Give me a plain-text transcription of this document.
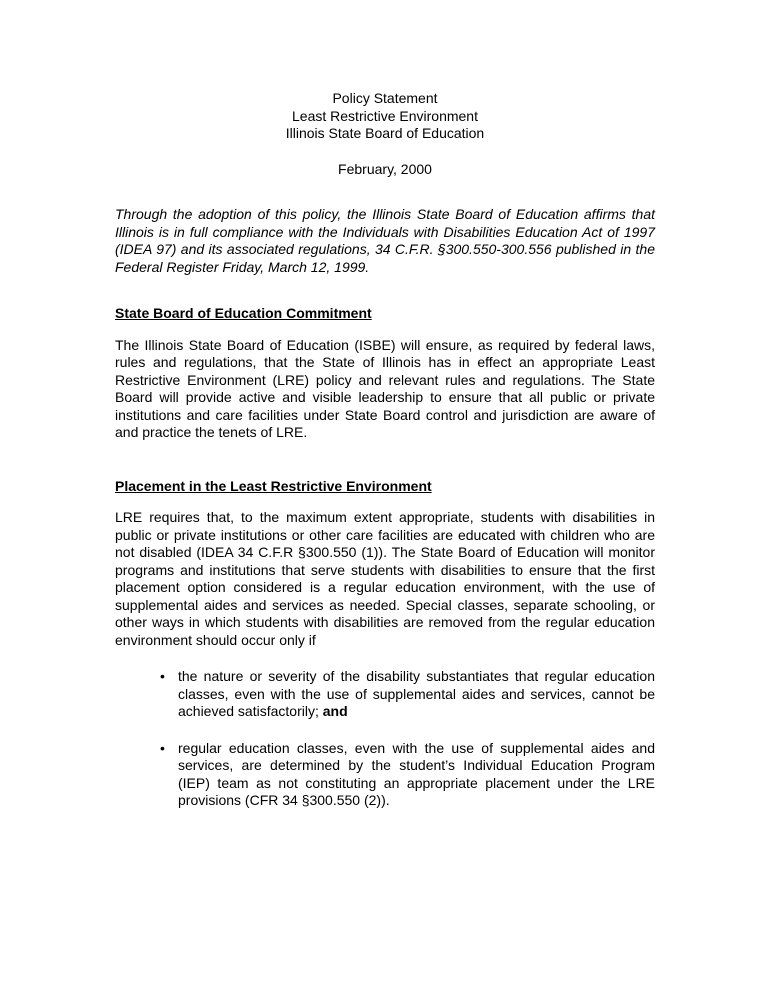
Policy Statement
Least Restrictive Environment
Illinois State Board of Education
February, 2000

Through the adoption of this policy, the Illinois State Board of Education affirms that Illinois is in full compliance with the Individuals with Disabilities Education Act of 1997 (IDEA 97) and its associated regulations, 34 C.F.R. §300.550-300.556 published in the Federal Register Friday, March 12, 1999.

State Board of Education Commitment

The Illinois State Board of Education (ISBE) will ensure, as required by federal laws, rules and regulations, that the State of Illinois has in effect an appropriate Least Restrictive Environment (LRE) policy and relevant rules and regulations. The State Board will provide active and visible leadership to ensure that all public or private institutions and care facilities under State Board control and jurisdiction are aware of and practice the tenets of LRE.

Placement in the Least Restrictive Environment

LRE requires that, to the maximum extent appropriate, students with disabilities in public or private institutions or other care facilities are educated with children who are not disabled (IDEA 34 C.F.R §300.550 (1)). The State Board of Education will monitor programs and institutions that serve students with disabilities to ensure that the first placement option considered is a regular education environment, with the use of supplemental aides and services as needed. Special classes, separate schooling, or other ways in which students with disabilities are removed from the regular education environment should occur only if

• the nature or severity of the disability substantiates that regular education classes, even with the use of supplemental aides and services, cannot be achieved satisfactorily; and
• regular education classes, even with the use of supplemental aides and services, are determined by the student’s Individual Education Program (IEP) team as not constituting an appropriate placement under the LRE provisions (CFR 34 §300.550 (2)).
